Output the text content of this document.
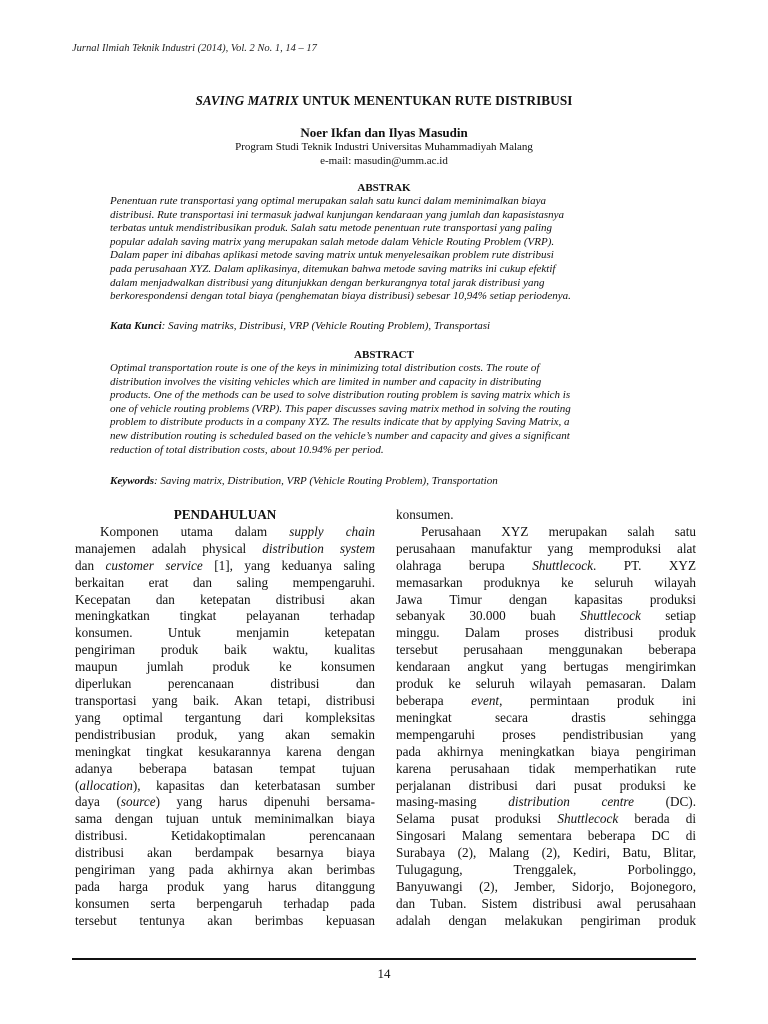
Jurnal Ilmiah Teknik Industri (2014), Vol. 2 No. 1, 14 – 17
SAVING MATRIX UNTUK MENENTUKAN RUTE DISTRIBUSI
Noer Ikfan dan Ilyas Masudin
Program Studi Teknik Industri Universitas Muhammadiyah Malang
e-mail: masudin@umm.ac.id
ABSTRAK
Penentuan rute transportasi yang optimal merupakan salah satu kunci dalam meminimalkan biaya
distribusi. Rute transportasi ini termasuk jadwal kunjungan kendaraan yang jumlah dan kapasistasnya
terbatas untuk mendistribusikan produk. Salah satu metode penentuan rute transportasi yang paling
popular adalah saving matrix yang merupakan salah metode dalam Vehicle Routing Problem (VRP).
Dalam paper ini dibahas aplikasi metode saving matrix untuk menyelesaikan problem rute distribusi
pada perusahaan XYZ. Dalam aplikasinya, ditemukan bahwa metode saving matriks ini cukup efektif
dalam menjadwalkan distribusi yang ditunjukkan dengan berkurangnya total jarak distribusi yang
berkorespondensi dengan total biaya (penghematan biaya distribusi) sebesar 10,94% setiap periodenya.
Kata Kunci: Saving matriks, Distribusi, VRP (Vehicle Routing Problem), Transportasi
ABSTRACT
Optimal transportation route is one of the keys in minimizing total distribution costs. The route of
distribution involves the visiting vehicles which are limited in number and capacity in distributing
products. One of the methods can be used to solve distribution routing problem is saving matrix which is
one of vehicle routing problems (VRP). This paper discusses saving matrix method in solving the routing
problem to distribute products in a company XYZ. The results indicate that by applying Saving Matrix, a
new distribution routing is scheduled based on the vehicle’s number and capacity and gives a significant
reduction of total distribution costs, about 10.94% per period.
Keywords: Saving matrix, Distribution, VRP (Vehicle Routing Problem), Transportation
PENDAHULUAN
Komponen utama dalam supply chain
manajemen adalah physical distribution system
dan customer service [1], yang keduanya saling
berkaitan erat dan saling mempengaruhi.
Kecepatan dan ketepatan distribusi akan
meningkatkan tingkat pelayanan terhadap
konsumen. Untuk menjamin ketepatan
pengiriman produk baik waktu, kualitas
maupun jumlah produk ke konsumen
diperlukan perencanaan distribusi dan
transportasi yang baik. Akan tetapi, distribusi
yang optimal tergantung dari kompleksitas
pendistribusian produk, yang akan semakin
meningkat tingkat kesukarannya karena dengan
adanya beberapa batasan tempat tujuan
(allocation), kapasitas dan keterbatasan sumber
daya (source) yang harus dipenuhi bersama-
sama dengan tujuan untuk meminimalkan biaya
distribusi. Ketidakoptimalan perencanaan
distribusi akan berdampak besarnya biaya
pengiriman yang pada akhirnya akan berimbas
pada harga produk yang harus ditanggung
konsumen serta berpengaruh terhadap pada
tersebut tentunya akan berimbas kepuasan
konsumen.
Perusahaan XYZ merupakan salah satu
perusahaan manufaktur yang memproduksi alat
olahraga berupa Shuttlecock. PT. XYZ
memasarkan produknya ke seluruh wilayah
Jawa Timur dengan kapasitas produksi
sebanyak 30.000 buah Shuttlecock setiap
minggu. Dalam proses distribusi produk
tersebut perusahaan menggunakan beberapa
kendaraan angkut yang bertugas mengirimkan
produk ke seluruh wilayah pemasaran. Dalam
beberapa event, permintaan produk ini
meningkat secara drastis sehingga
mempengaruhi proses pendistribusian yang
pada akhirnya meningkatkan biaya pengiriman
karena perusahaan tidak memperhatikan rute
perjalanan distribusi dari pusat produksi ke
masing-masing distribution centre (DC).
Selama pusat produksi Shuttlecock berada di
Singosari Malang sementara beberapa DC di
Surabaya (2), Malang (2), Kediri, Batu, Blitar,
Tulugagung, Trenggalek, Porbolinggo,
Banyuwangi (2), Jember, Sidorjo, Bojonegoro,
dan Tuban. Sistem distribusi awal perusahaan
adalah dengan melakukan pengiriman produk
14
